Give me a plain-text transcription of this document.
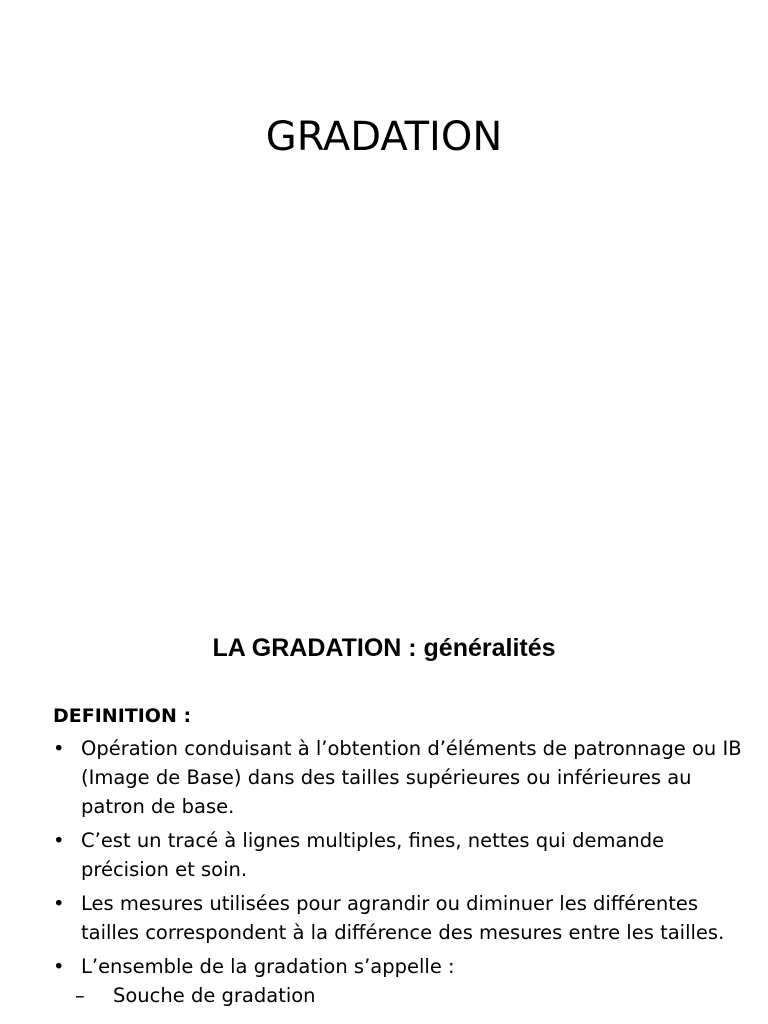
GRADATION
LA GRADATION : généralités
DEFINITION :
• Opération conduisant à l’obtention d’éléments de patronnage ou IB (Image de Base) dans des tailles supérieures ou inférieures au patron de base.
• C’est un tracé à lignes multiples, fines, nettes qui demande précision et soin.
• Les mesures utilisées pour agrandir ou diminuer les différentes tailles correspondent à la différence des mesures entre les tailles.
• L’ensemble de la gradation s’appelle :
– Souche de gradation
